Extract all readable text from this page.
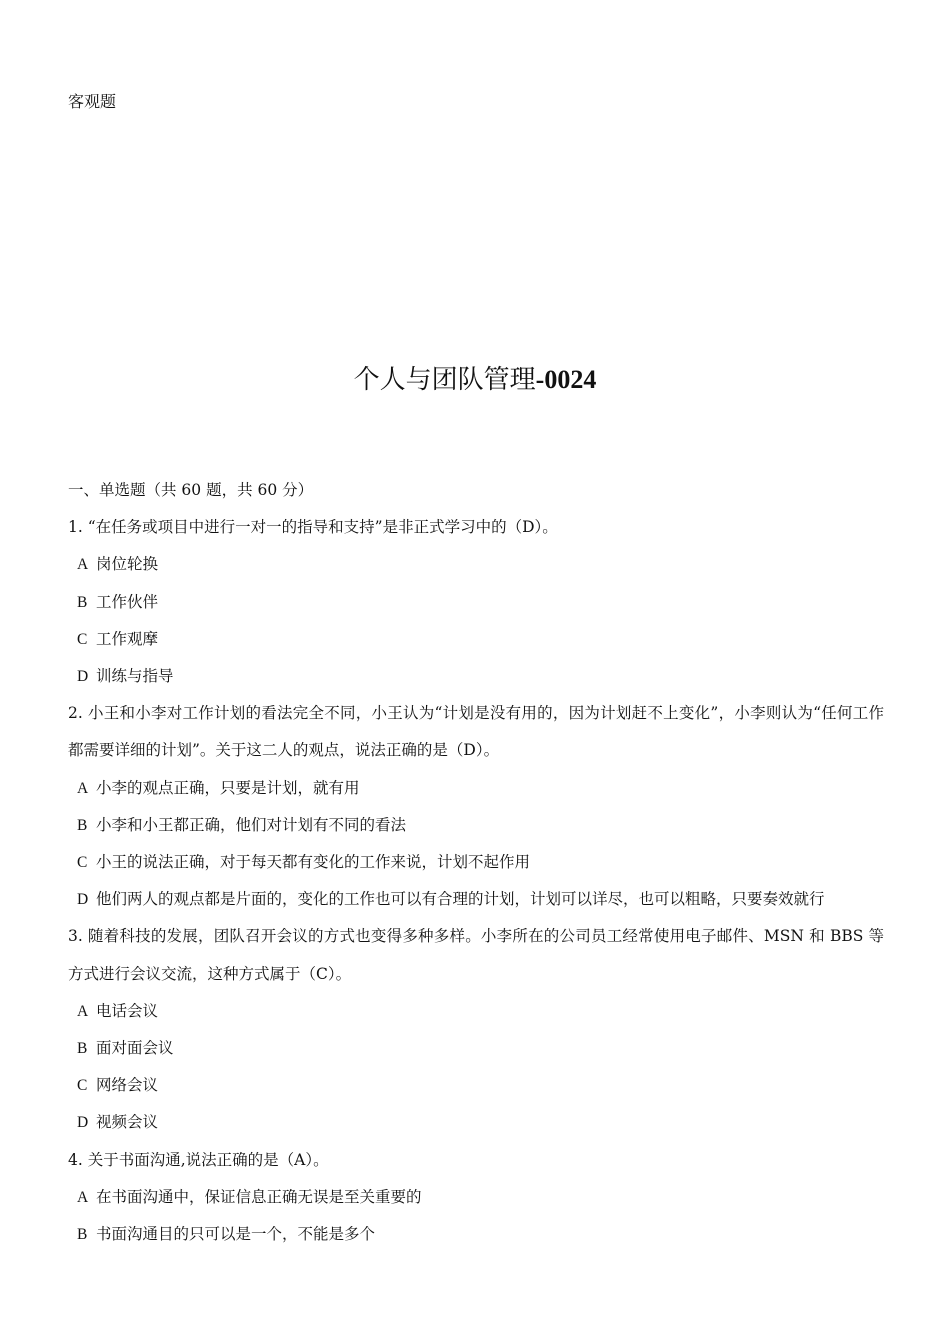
客观题
个人与团队管理-0024
一、单选题（共 60 题，共 60 分）
1. “在任务或项目中进行一对一的指导和支持”是非正式学习中的（D）。
A 岗位轮换
B 工作伙伴
C 工作观摩
D 训练与指导
2. 小王和小李对工作计划的看法完全不同，小王认为“计划是没有用的，因为计划赶不上变化”，小李则认为“任何工作都需要详细的计划”。关于这二人的观点，说法正确的是（D）。
A 小李的观点正确，只要是计划，就有用
B 小李和小王都正确，他们对计划有不同的看法
C 小王的说法正确，对于每天都有变化的工作来说，计划不起作用
D 他们两人的观点都是片面的，变化的工作也可以有合理的计划，计划可以详尽，也可以粗略，只要奏效就行
3. 随着科技的发展，团队召开会议的方式也变得多种多样。小李所在的公司员工经常使用电子邮件、MSN 和 BBS 等方式进行会议交流，这种方式属于（C）。
A 电话会议
B 面对面会议
C 网络会议
D 视频会议
4. 关于书面沟通,说法正确的是（A）。
A 在书面沟通中，保证信息正确无误是至关重要的
B 书面沟通目的只可以是一个，不能是多个
